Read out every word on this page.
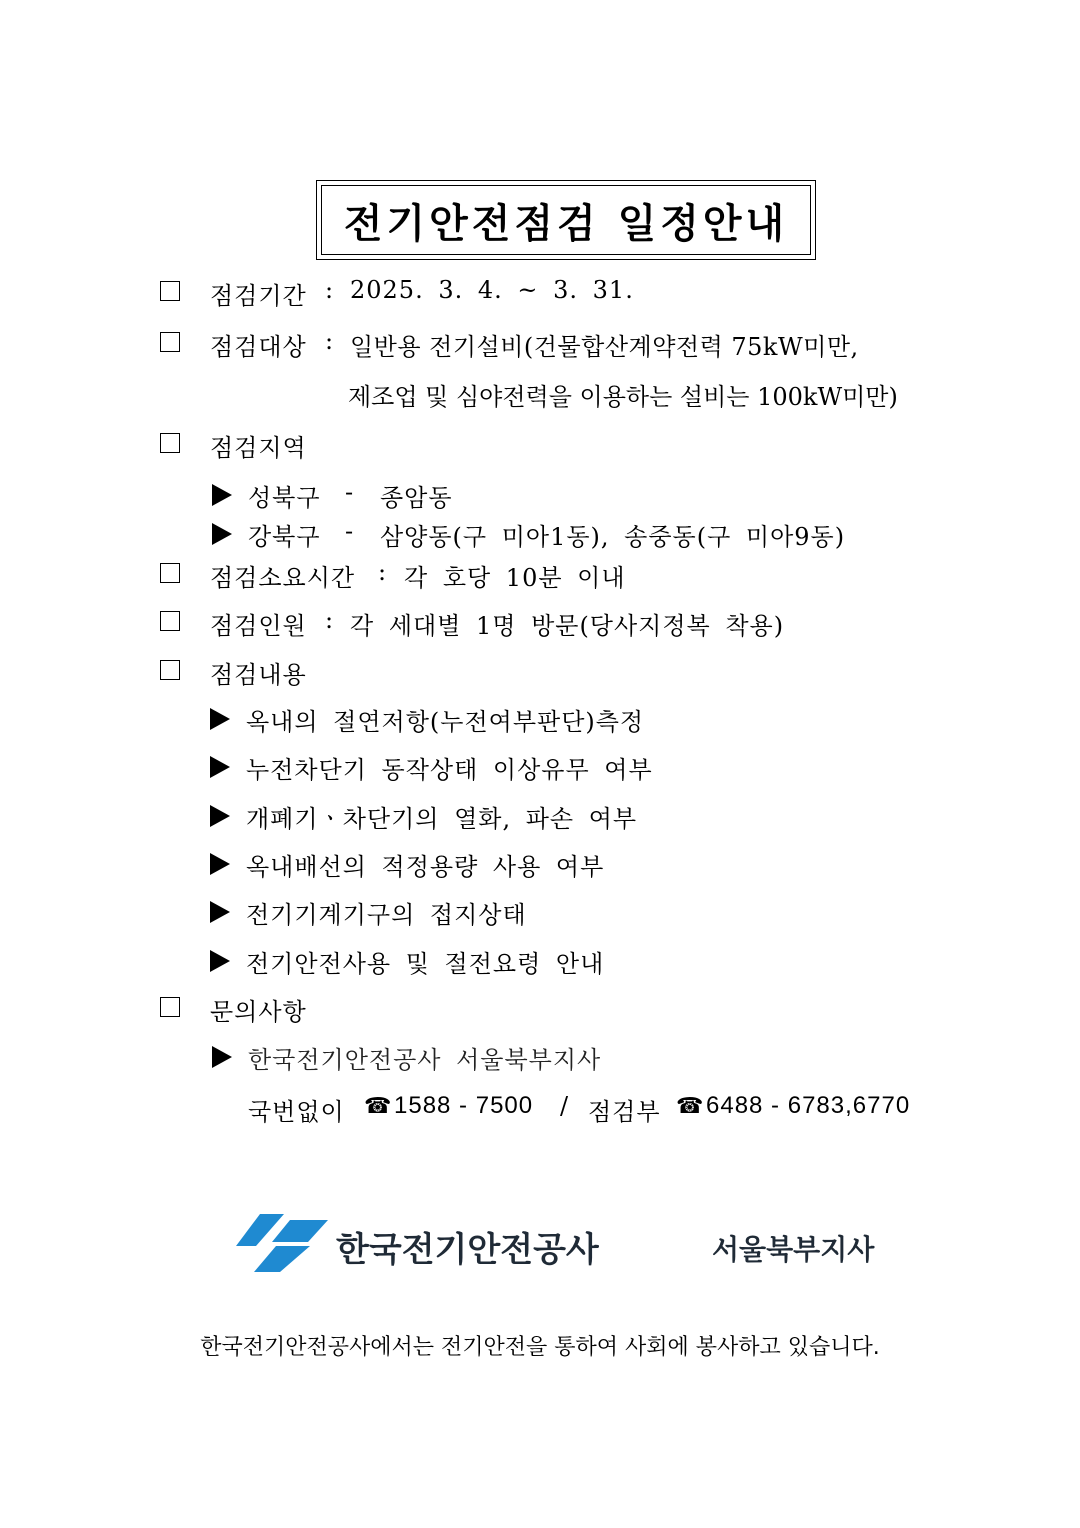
전기안전점검 일정안내
점검기간 : 2025. 3. 4. ~ 3. 31.
점검대상 : 일반용 전기설비(건물합산계약전력 75kW미만,
제조업 및 심야전력을 이용하는 설비는 100kW미만)
점검지역
성북구 - 종암동
강북구 - 삼양동(구 미아1동), 송중동(구 미아9동)
점검소요시간 : 각 호당 10분 이내
점검인원 : 각 세대별 1명 방문(당사지정복 착용)
점검내용
옥내의 절연저항(누전여부판단)측정
누전차단기 동작상태 이상유무 여부
개폐기ㆍ차단기의 열화, 파손 여부
옥내배선의 적정용량 사용 여부
전기기계기구의 접지상태
전기안전사용 및 절전요령 안내
문의사항
한국전기안전공사 서울북부지사
국번없이 ☎ 1588 - 7500 / 점검부 ☎ 6488 - 6783,6770
한국전기안전공사	서울북부지사
한국전기안전공사에서는 전기안전을 통하여 사회에 봉사하고 있습니다.
